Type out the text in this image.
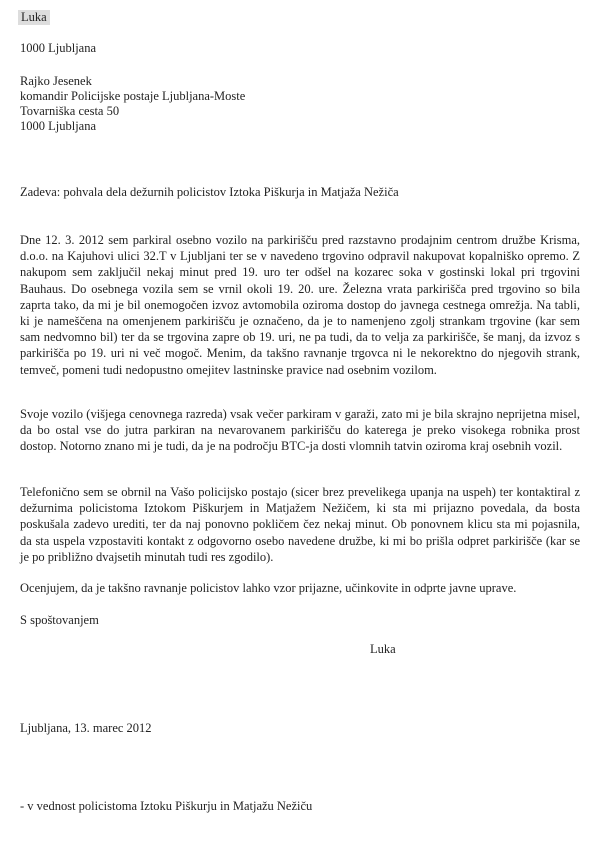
Luka
1000 Ljubljana
Rajko Jesenek
komandir Policijske postaje Ljubljana-Moste
Tovarniška cesta 50
1000 Ljubljana
Zadeva: pohvala dela dežurnih policistov Iztoka Piškurja in Matjaža Nežiča
Dne 12. 3. 2012 sem parkiral osebno vozilo na parkirišču pred razstavno prodajnim centrom družbe Krisma, d.o.o. na Kajuhovi ulici 32.T v Ljubljani ter se v navedeno trgovino odpravil nakupovat kopalniško opremo. Z nakupom sem zaključil nekaj minut pred 19. uro ter odšel na kozarec soka v gostinski lokal pri trgovini Bauhaus. Do osebnega vozila sem se vrnil okoli 19. 20. ure. Železna vrata parkirišča pred trgovino so bila zaprta tako, da mi je bil onemogočen izvoz avtomobila oziroma dostop do javnega cestnega omrežja. Na tabli, ki je nameščena na omenjenem parkirišču je označeno, da je to namenjeno zgolj strankam trgovine (kar sem sam nedvomno bil) ter da se trgovina zapre ob 19. uri, ne pa tudi, da to velja za parkirišče, še manj, da izvoz s parkirišča po 19. uri ni več mogoč. Menim, da takšno ravnanje trgovca ni le nekorektno do njegovih strank, temveč, pomeni tudi nedopustno omejitev lastninske pravice nad osebnim vozilom.
Svoje vozilo (višjega cenovnega razreda) vsak večer parkiram v garaži, zato mi je bila skrajno neprijetna misel, da bo ostal vse do jutra parkiran na nevarovanem parkirišču do katerega je preko visokega robnika prost dostop. Notorno znano mi je tudi, da je na področju BTC-ja dosti vlomnih tatvin oziroma kraj osebnih vozil.
Telefonično sem se obrnil na Vašo policijsko postajo (sicer brez prevelikega upanja na uspeh) ter kontaktiral z dežurnima policistoma Iztokom Piškurjem in Matjažem Nežičem, ki sta mi prijazno povedala, da bosta poskušala zadevo urediti, ter da naj ponovno pokličem čez nekaj minut. Ob ponovnem klicu sta mi pojasnila, da sta uspela vzpostaviti kontakt z odgovorno osebo navedene družbe, ki mi bo prišla odpret parkirišče (kar se je po približno dvajsetih minutah tudi res zgodilo).
Ocenjujem, da je takšno ravnanje policistov lahko vzor prijazne, učinkovite in odprte javne uprave.
S spoštovanjem
Luka
Ljubljana, 13. marec 2012
- v vednost policistoma Iztoku Piškurju in Matjažu Nežiču
